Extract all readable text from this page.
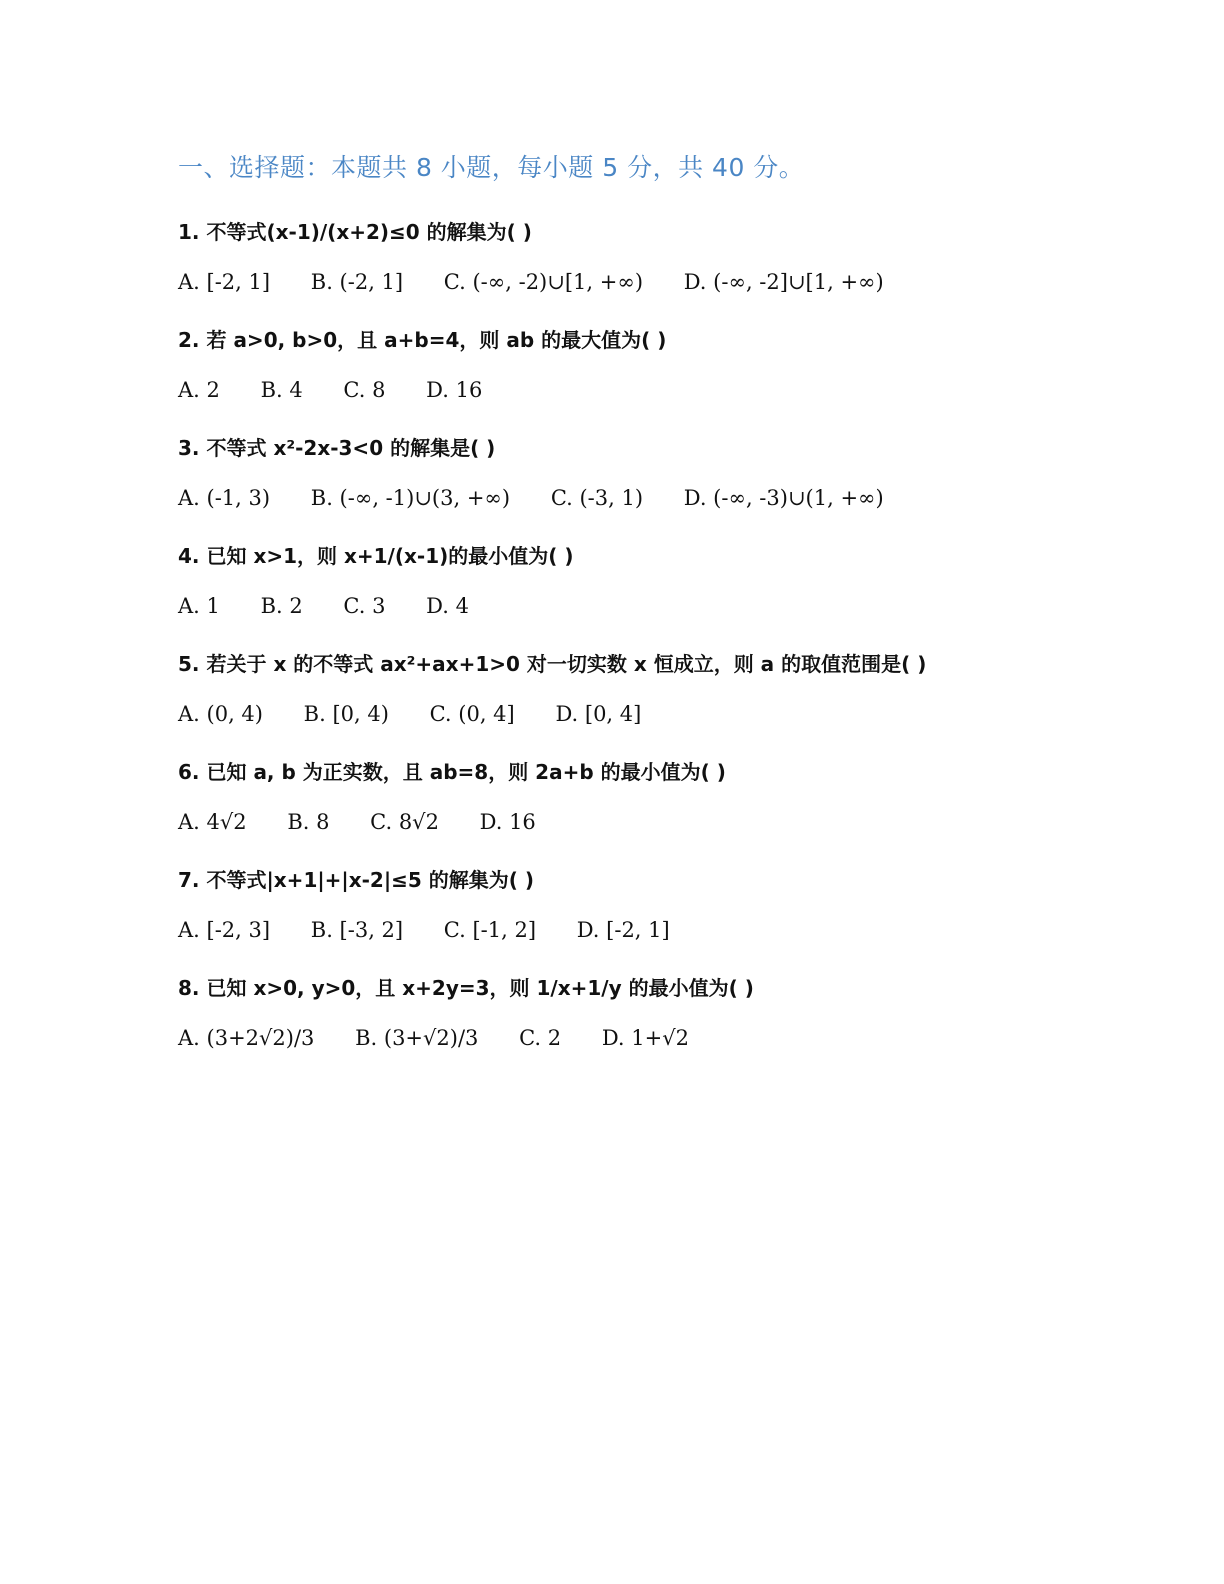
一、选择题：本题共 8 小题，每小题 5 分，共 40 分。
1. 不等式(x-1)/(x+2)≤0 的解集为( )
A. [-2, 1] B. (-2, 1] C. (-∞, -2)∪[1, +∞) D. (-∞, -2]∪[1, +∞)
2. 若 a>0, b>0，且 a+b=4，则 ab 的最大值为( )
A. 2 B. 4 C. 8 D. 16
3. 不等式 x²-2x-3<0 的解集是( )
A. (-1, 3) B. (-∞, -1)∪(3, +∞) C. (-3, 1) D. (-∞, -3)∪(1, +∞)
4. 已知 x>1，则 x+1/(x-1)的最小值为( )
A. 1 B. 2 C. 3 D. 4
5. 若关于 x 的不等式 ax²+ax+1>0 对一切实数 x 恒成立，则 a 的取值范围是( )
A. (0, 4) B. [0, 4) C. (0, 4] D. [0, 4]
6. 已知 a, b 为正实数，且 ab=8，则 2a+b 的最小值为( )
A. 4√2 B. 8 C. 8√2 D. 16
7. 不等式|x+1|+|x-2|≤5 的解集为( )
A. [-2, 3] B. [-3, 2] C. [-1, 2] D. [-2, 1]
8. 已知 x>0, y>0，且 x+2y=3，则 1/x+1/y 的最小值为( )
A. (3+2√2)/3 B. (3+√2)/3 C. 2 D. 1+√2
